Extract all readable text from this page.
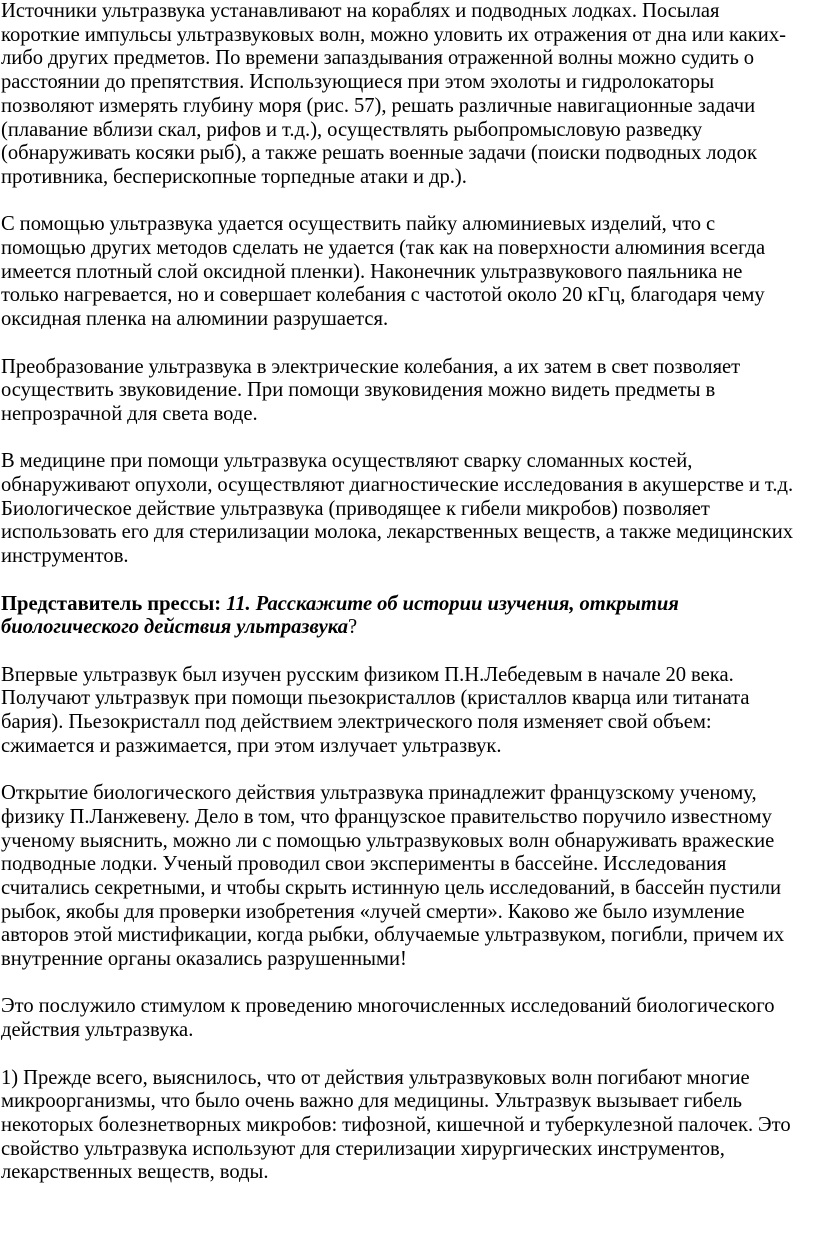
Источники ультразвука устанавливают на кораблях и подводных лодках. Посылая
короткие импульсы ультразвуковых волн, можно уловить их отражения от дна или каких-
либо других предметов. По времени запаздывания отраженной волны можно судить о
расстоянии до препятствия. Использующиеся при этом эхолоты и гидролокаторы
позволяют измерять глубину моря (рис. 57), решать различные навигационные задачи
(плавание вблизи скал, рифов и т.д.), осуществлять рыбопромысловую разведку
(обнаруживать косяки рыб), а также решать военные задачи (поиски подводных лодок
противника, беcперископные торпедные атаки и др.).

С помощью ультразвука удается осуществить пайку алюминиевых изделий, что с
помощью других методов сделать не удается (так как на поверхности алюминия всегда
имеется плотный слой оксидной пленки). Наконечник ультразвукового паяльника не
только нагревается, но и совершает колебания с частотой около 20 кГц, благодаря чему
оксидная пленка на алюминии разрушается.

Преобразование ультразвука в электрические колебания, а их затем в свет позволяет
осуществить звуковидение. При помощи звуковидения можно видеть предметы в
непрозрачной для света воде.

В медицине при помощи ультразвука осуществляют сварку сломанных костей,
обнаруживают опухоли, осуществляют диагностические исследования в акушерстве и т.д.
Биологическое действие ультразвука (приводящее к гибели микробов) позволяет
использовать его для стерилизации молока, лекарственных веществ, а также медицинских
инструментов.

Представитель прессы: 11. Расскажите об истории изучения, открытия
биологического действия ультразвука?

Впервые ультразвук был изучен русским физиком П.Н.Лебедевым в начале 20 века.
Получают ультразвук при помощи пьезокристаллов (кристаллов кварца или титаната
бария). Пьезокристалл под действием электрического поля изменяет свой объем:
сжимается и разжимается, при этом излучает ультразвук.

Открытие биологического действия ультразвука принадлежит французскому ученому,
физику П.Ланжевену. Дело в том, что французское правительство поручило известному
ученому выяснить, можно ли с помощью ультразвуковых волн обнаруживать вражеские
подводные лодки. Ученый проводил свои эксперименты в бассейне. Исследования
считались секретными, и чтобы скрыть истинную цель исследований, в бассейн пустили
рыбок, якобы для проверки изобретения «лучей смерти». Каково же было изумление
авторов этой мистификации, когда рыбки, облучаемые ультразвуком, погибли, причем их
внутренние органы оказались разрушенными!

Это послужило стимулом к проведению многочисленных исследований биологического
действия ультразвука.

1) Прежде всего, выяснилось, что от действия ультразвуковых волн погибают многие
микроорганизмы, что было очень важно для медицины. Ультразвук вызывает гибель
некоторых болезнетворных микробов: тифозной, кишечной и туберкулезной палочек. Это
свойство ультразвука используют для стерилизации хирургических инструментов,
лекарственных веществ, воды.
